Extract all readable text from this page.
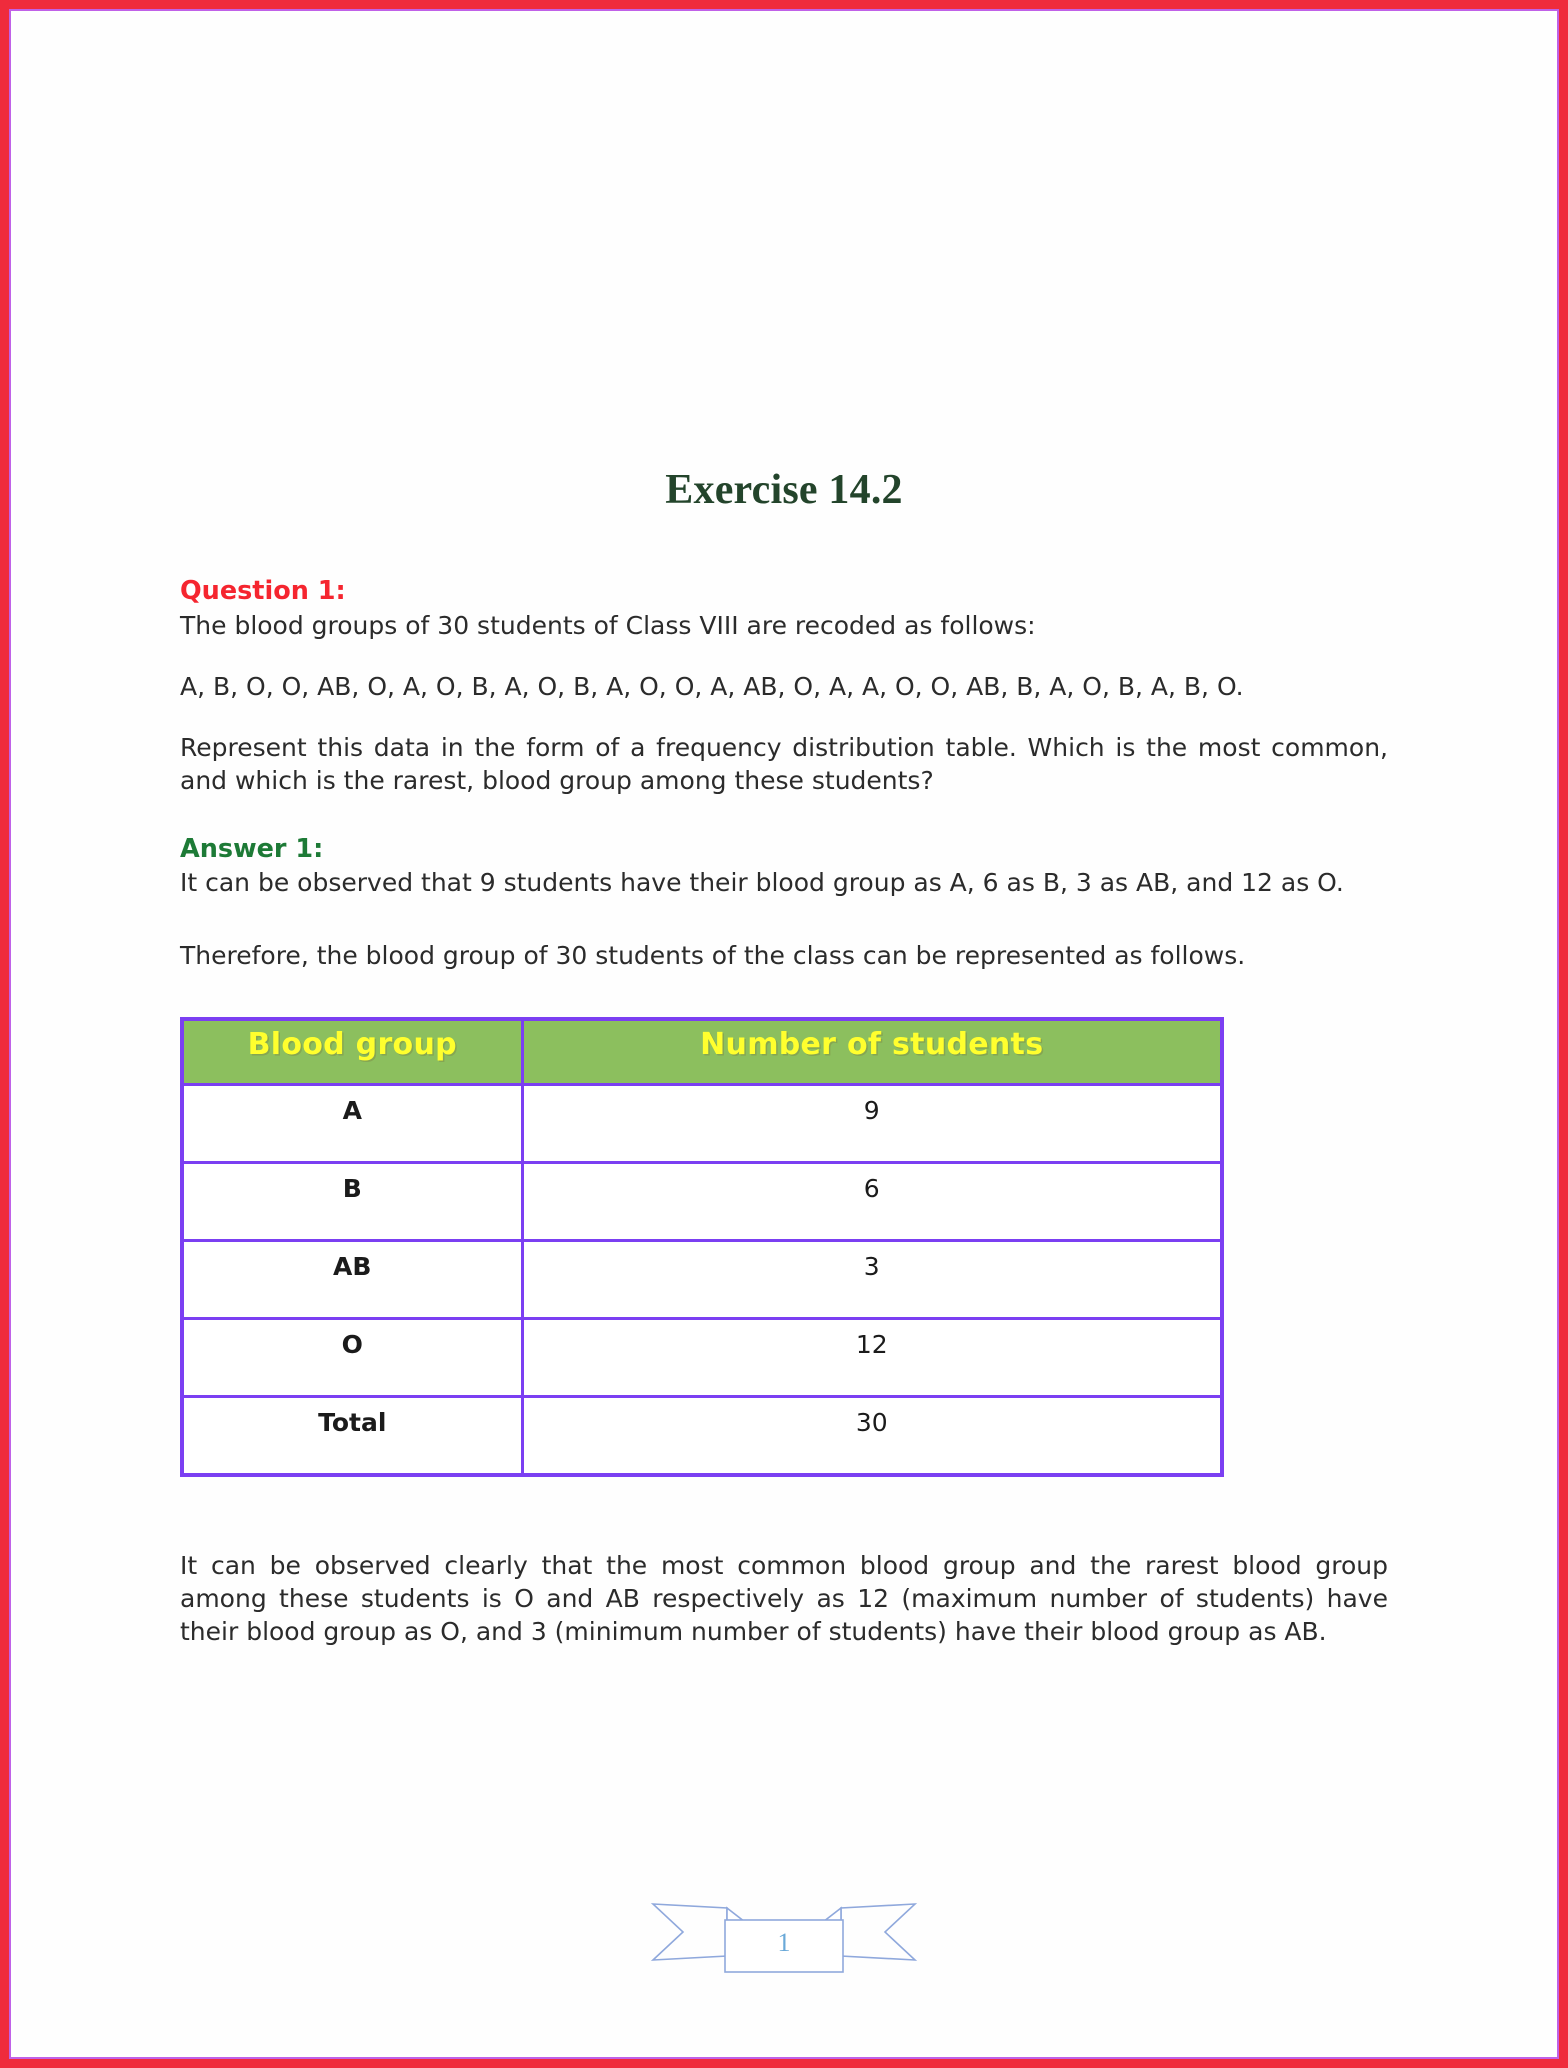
Exercise 14.2
Question 1:

The blood groups of 30 students of Class VIII are recoded as follows:

A, B, O, O, AB, O, A, O, B, A, O, B, A, O, O, A, AB, O, A, A, O, O, AB, B, A, O, B, A, B, O.

Represent this data in the form of a frequency distribution table. Which is the most common, and which is the rarest, blood group among these students?

Answer 1:

It can be observed that 9 students have their blood group as A, 6 as B, 3 as AB, and 12 as O.

Therefore, the blood group of 30 students of the class can be represented as follows.

Blood group	Number of students
A	9
B	6
AB	3
O	12
Total	30

It can be observed clearly that the most common blood group and the rarest blood group among these students is O and AB respectively as 12 (maximum number of students) have their blood group as O, and 3 (minimum number of students) have their blood group as AB.

1
